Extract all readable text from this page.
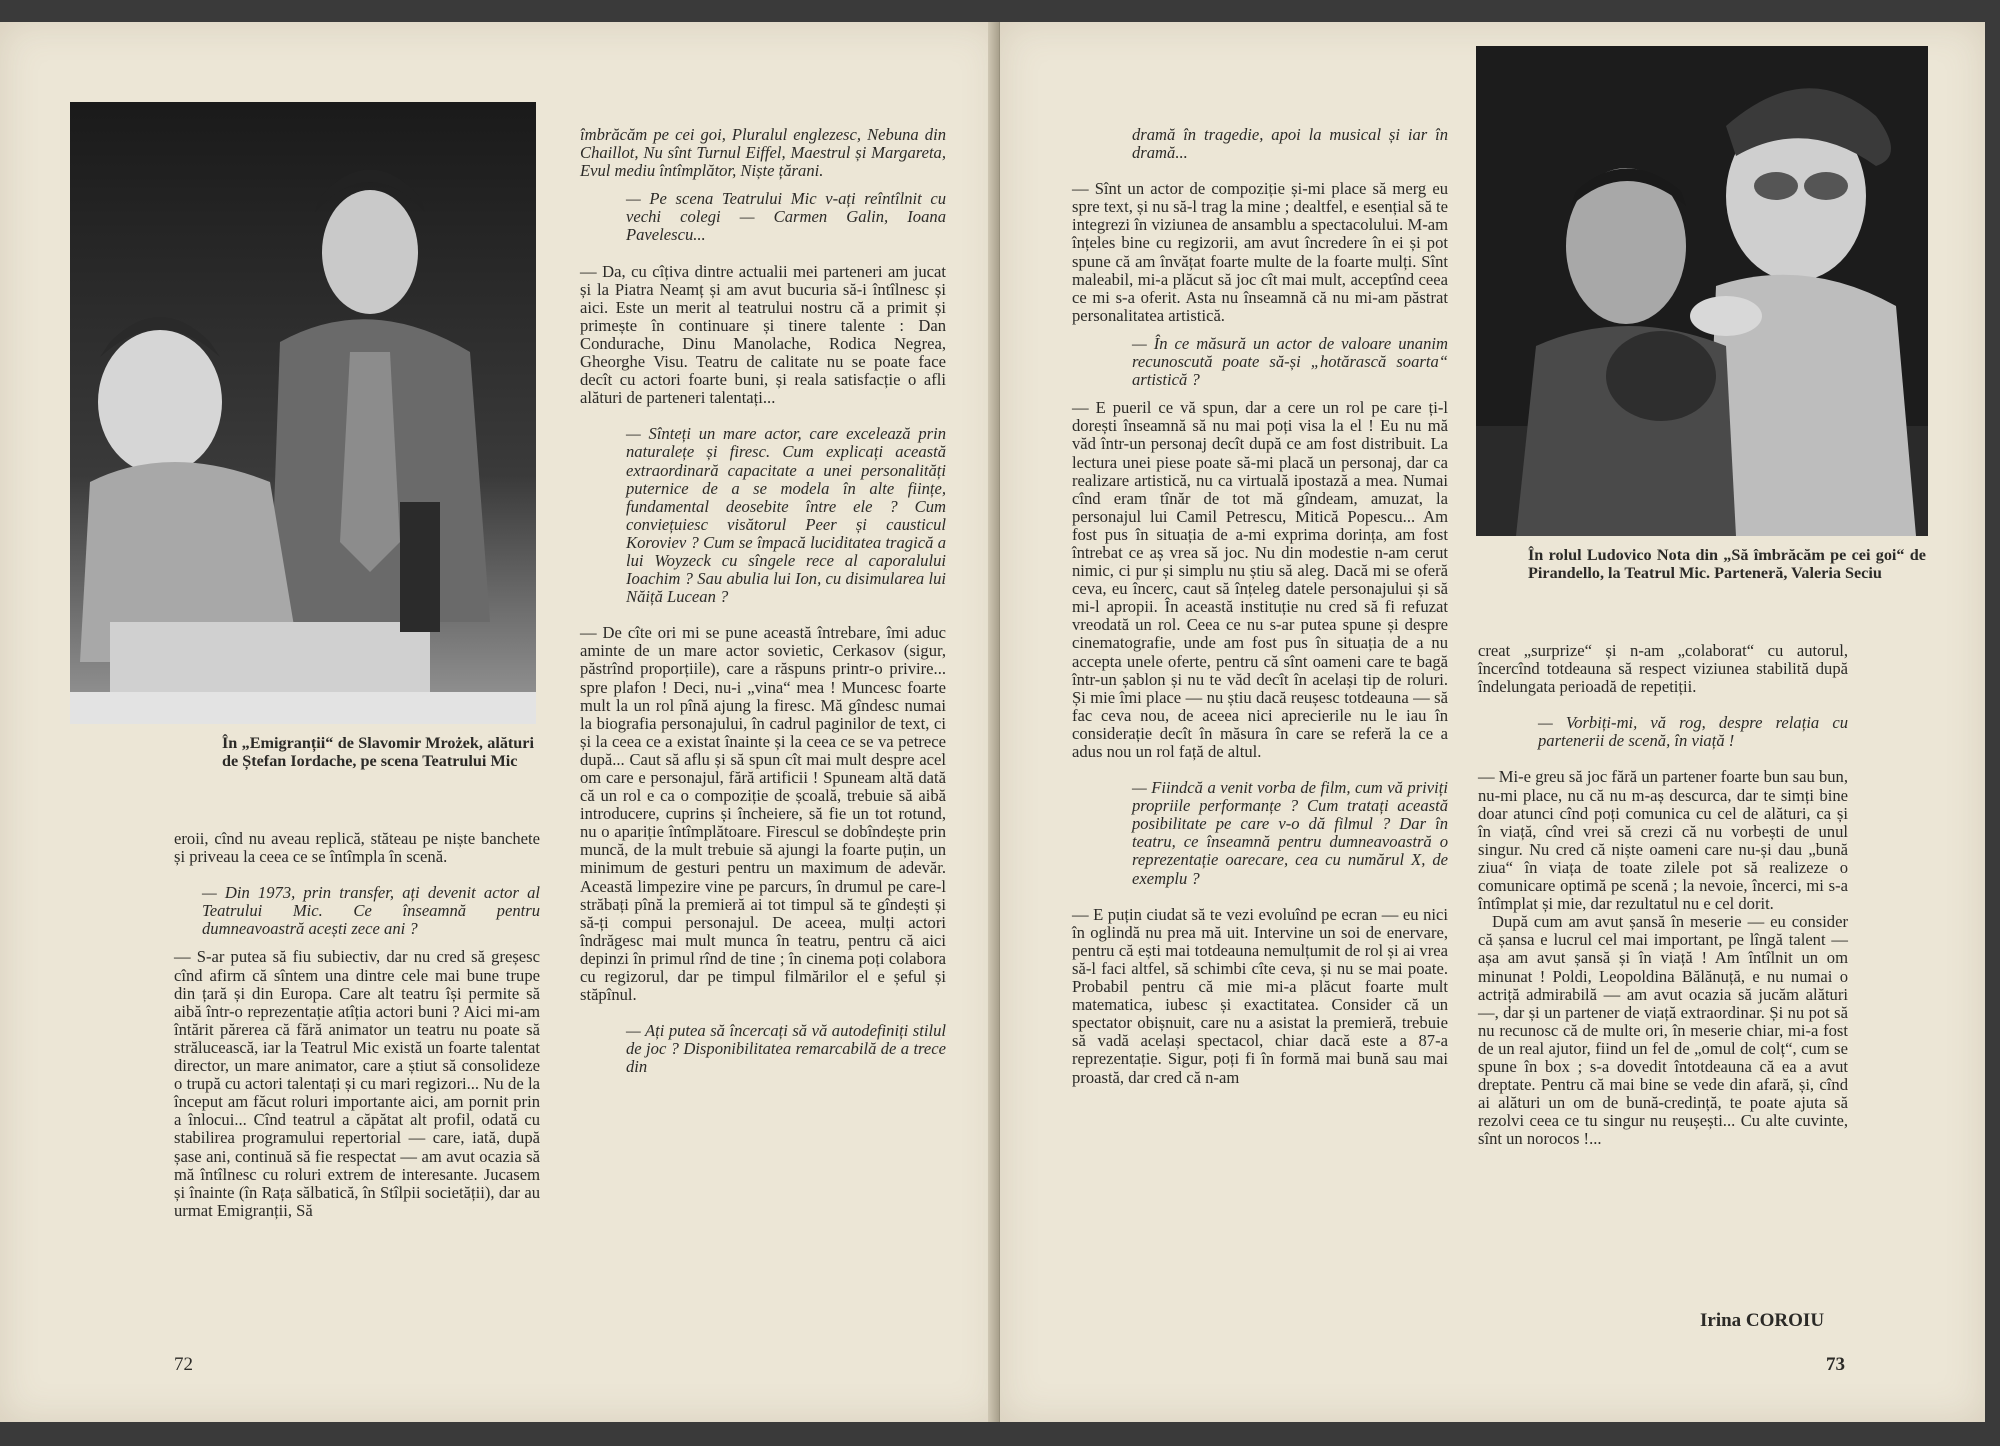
În „Emigranții“ de Slavomir Mrożek, alături de Ștefan Iordache, pe scena Teatrului Mic

eroii, cînd nu aveau replică, stăteau pe niște banchete și priveau la ceea ce se întîmpla în scenă.

— Din 1973, prin transfer, ați devenit actor al Teatrului Mic. Ce înseamnă pentru dumneavoastră acești zece ani ?

— S-ar putea să fiu subiectiv, dar nu cred să greșesc cînd afirm că sîntem una dintre cele mai bune trupe din țară și din Europa. Care alt teatru își permite să aibă într-o reprezentație atîția actori buni ? Aici mi-am întărit părerea că fără animator un teatru nu poate să strălucească, iar la Teatrul Mic există un foarte talentat director, un mare animator, care a știut să consolideze o trupă cu actori talentați și cu mari regizori... Nu de la început am făcut roluri importante aici, am pornit prin a înlocui... Cînd teatrul a căpătat alt profil, odată cu stabilirea programului repertorial — care, iată, după șase ani, continuă să fie respectat — am avut ocazia să mă întîlnesc cu roluri extrem de interesante. Jucasem și înainte (în Rața sălbatică, în Stîlpii societății), dar au urmat Emigranții, Să

îmbrăcăm pe cei goi, Pluralul englezesc, Nebuna din Chaillot, Nu sînt Turnul Eiffel, Maestrul și Margareta, Evul mediu întîmplător, Niște țărani.

— Pe scena Teatrului Mic v-ați reîntîlnit cu vechi colegi — Carmen Galin, Ioana Pavelescu...

— Da, cu cîțiva dintre actualii mei parteneri am jucat și la Piatra Neamț și am avut bucuria să-i întîlnesc și aici. Este un merit al teatrului nostru că a primit și primește în continuare și tinere talente : Dan Condurache, Dinu Manolache, Rodica Negrea, Gheorghe Visu. Teatru de calitate nu se poate face decît cu actori foarte buni, și reala satisfacție o afli alături de parteneri talentați...

— Sînteți un mare actor, care excelează prin naturalețe și firesc. Cum explicați această extraordinară capacitate a unei personalități puternice de a se modela în alte ființe, fundamental deosebite între ele ? Cum conviețuiesc visătorul Peer și causticul Koroviev ? Cum se împacă luciditatea tragică a lui Woyzeck cu sîngele rece al caporalului Ioachim ? Sau abulia lui Ion, cu disimularea lui Năiță Lucean ?

— De cîte ori mi se pune această întrebare, îmi aduc aminte de un mare actor sovietic, Cerkasov (sigur, păstrînd proporțiile), care a răspuns printr-o privire... spre plafon ! Deci, nu-i „vina“ mea ! Muncesc foarte mult la un rol pînă ajung la firesc. Mă gîndesc numai la biografia personajului, în cadrul paginilor de text, ci și la ceea ce a existat înainte și la ceea ce se va petrece după... Caut să aflu și să spun cît mai mult despre acel om care e personajul, fără artificii ! Spuneam altă dată că un rol e ca o compoziție de școală, trebuie să aibă introducere, cuprins și încheiere, să fie un tot rotund, nu o apariție întîmplătoare. Firescul se dobîndește prin muncă, de la mult trebuie să ajungi la foarte puțin, un minimum de gesturi pentru un maximum de adevăr. Această limpezire vine pe parcurs, în drumul pe care-l străbați pînă la premieră ai tot timpul să te gîndești și să-ți compui personajul. De aceea, mulți actori îndrăgesc mai mult munca în teatru, pentru că aici depinzi în primul rînd de tine ; în cinema poți colabora cu regizorul, dar pe timpul filmărilor el e șeful și stăpînul.

— Ați putea să încercați să vă autodefiniți stilul de joc ? Disponibilitatea remarcabilă de a trece din

72

dramă în tragedie, apoi la musical și iar în dramă...

— Sînt un actor de compoziție și-mi place să merg eu spre text, și nu să-l trag la mine ; dealtfel, e esențial să te integrezi în viziunea de ansamblu a spectacolului. M-am înțeles bine cu regizorii, am avut încredere în ei și pot spune că am învățat foarte multe de la foarte mulți. Sînt maleabil, mi-a plăcut să joc cît mai mult, acceptînd ceea ce mi s-a oferit. Asta nu înseamnă că nu mi-am păstrat personalitatea artistică.

— În ce măsură un actor de valoare unanim recunoscută poate să-și „hotărască soarta“ artistică ?

— E pueril ce vă spun, dar a cere un rol pe care ți-l dorești înseamnă să nu mai poți visa la el ! Eu nu mă văd într-un personaj decît după ce am fost distribuit. La lectura unei piese poate să-mi placă un personaj, dar ca realizare artistică, nu ca virtuală ipostază a mea. Numai cînd eram tînăr de tot mă gîndeam, amuzat, la personajul lui Camil Petrescu, Mitică Popescu... Am fost pus în situația de a-mi exprima dorința, am fost întrebat ce aș vrea să joc. Nu din modestie n-am cerut nimic, ci pur și simplu nu știu să aleg. Dacă mi se oferă ceva, eu încerc, caut să înțeleg datele personajului și să mi-l apropii. În această instituție nu cred să fi refuzat vreodată un rol. Ceea ce nu s-ar putea spune și despre cinematografie, unde am fost pus în situația de a nu accepta unele oferte, pentru că sînt oameni care te bagă într-un șablon și nu te văd decît în același tip de roluri. Și mie îmi place — nu știu dacă reușesc totdeauna — să fac ceva nou, de aceea nici aprecierile nu le iau în considerație decît în măsura în care se referă la ce a adus nou un rol față de altul.

— Fiindcă a venit vorba de film, cum vă priviți propriile performanțe ? Cum tratați această posibilitate pe care v-o dă filmul ? Dar în teatru, ce înseamnă pentru dumneavoastră o reprezentație oarecare, cea cu numărul X, de exemplu ?

— E puțin ciudat să te vezi evoluînd pe ecran — eu nici în oglindă nu prea mă uit. Intervine un soi de enervare, pentru că ești mai totdeauna nemulțumit de rol și ai vrea să-l faci altfel, să schimbi cîte ceva, și nu se mai poate. Probabil pentru că mie mi-a plăcut foarte mult matematica, iubesc și exactitatea. Consider că un spectator obișnuit, care nu a asistat la premieră, trebuie să vadă același spectacol, chiar dacă este a 87-a reprezentație. Sigur, poți fi în formă mai bună sau mai proastă, dar cred că n-am

În rolul Ludovico Nota din „Să îmbrăcăm pe cei goi“ de Pirandello, la Teatrul Mic. Parteneră, Valeria Seciu

creat „surprize“ și n-am „colaborat“ cu autorul, încercînd totdeauna să respect viziunea stabilită după îndelungata perioadă de repetiții.

— Vorbiți-mi, vă rog, despre relația cu partenerii de scenă, în viață !

— Mi-e greu să joc fără un partener foarte bun sau bun, nu-mi place, nu că nu m-aș descurca, dar te simți bine doar atunci cînd poți comunica cu cel de alături, ca și în viață, cînd vrei să crezi că nu vorbești de unul singur. Nu cred că niște oameni care nu-și dau „bună ziua“ în viața de toate zilele pot să realizeze o comunicare optimă pe scenă ; la nevoie, încerci, mi s-a întîmplat și mie, dar rezultatul nu e cel dorit.

După cum am avut șansă în meserie — eu consider că șansa e lucrul cel mai important, pe lîngă talent — așa am avut șansă și în viață ! Am întîlnit un om minunat ! Poldi, Leopoldina Bălănuță, e nu numai o actriță admirabilă — am avut ocazia să jucăm alături —, dar și un partener de viață extraordinar. Și nu pot să nu recunosc că de multe ori, în meserie chiar, mi-a fost de un real ajutor, fiind un fel de „omul de colț“, cum se spune în box ; s-a dovedit întotdeauna că ea a avut dreptate. Pentru că mai bine se vede din afară, și, cînd ai alături un om de bună-credință, te poate ajuta să rezolvi ceea ce tu singur nu reușești... Cu alte cuvinte, sînt un norocos !...

Irina COROIU
73
